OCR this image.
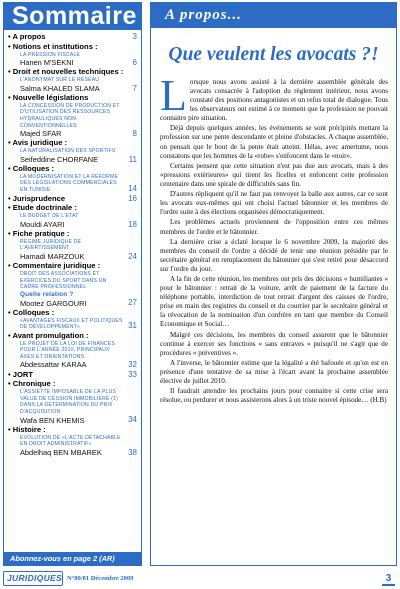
Sommaire
• A propos	3
• Notions et institutions :
LA PRESSION FISCALE
Hanen M'SEKNI	6
• Droit et nouvelles techniques :
L'ANONYMAT SUR LE RÉSEAU
Salma KHALED SLAMA	7
• Nouvelle législations
LA CONCESSION DE PRODUCTION ET D'UTILISATION DES RESSOURCES HYDRAULIQUES NON CONVENTIONNELLES
Majed SFAR	8
• Avis juridique :
LA NATURALISATION DES SPORTIFS
Seifeddine CHORFANE	11
• Colloques :
LA MODERNISATION ET LA RÉFORME DES LÉGISLATIONS COMMERCIALES EN TUNISIE	14
• Jurisprudence	16
• Etude doctrinale :
LE BUDGET DE L'ETAT
Mouldi AYARI	18
• Fiche pratique :
RÉGIME JURIDIQUE DE L'AVERTISSEMENT
Hamadi MARZOUK	24
• Commentaire juridique :
DROIT DES ASSOCIATIONS ET EXERCICES DU SPORT DANS UN CADRE PROFESSIONNEL
Quelle relation ?
Mootez GARGOURI	27
• Colloques :
«AVANTAGES FISCAUX ET POLITIQUES DE DÉVELOPPEMENT»	31
• Avant promulgation :
LE PROJET DE LA LOI DE FINANCES POUR L'ANNÉE 2010, PRINCIPAUX AXES ET ORIENTATIONS
Abdessattar KARAA	32
• JORT	33
• Chronique :
L'ASSIETTE IMPOSABLE DE LA PLUS VALUE DE CESSION IMMOBILIÈRE (1) DANS LA DÉTERMINATION DU PRIX D'ACQUISITION
Wafa BEN KHEMIS	34
• Histoire :
EVOLUTION DE «L'ACTE DÉTACHABLE EN DROIT ADMINISTRATIF»
Abdelhaq BEN MBAREK	38
Abonnez-vous en page 2 (AR)
A propos...
Que veulent les avocats ?!

Lorsque nous avons assisté à la dernière assemblée générale des avocats consacrée à l'adoption du règlement intérieur, nous avons constaté des positions antagonistes et un refus total de dialogue. Tous les observateurs ont estimé à ce moment que la profession ne pouvait connaitre pire situation.

Déjà depuis quelques années, les événements se sont précipités mettant la profession sur une pente descendante et pleine d'obstacles. A chaque assemblée, on pensait que le bout de la pente était atteint. Hélas, avec amertume, nous constatons que les hommes de la «robe» s'enfoncent dans le «noir».

Certains pensent que cette situation n'est pas due aux avocats, mais à des «pressions extérieures» qui tirent les ficelles et enfoncent cette profession centenaire dans une spirale de difficultés sans fin.

D'autres répliquent qu'il ne faut pas renvoyer la balle aux autres, car ce sont les avocats eux-mêmes qui ont choisi l'actuel bâtonnier et les membres de l'ordre suite à des élections organisées démocratiquement.

Les problèmes actuels proviennent de l'opposition entre ces mêmes membres de l'ordre et le bâtonnier.

La dernière crise a éclaté lorsque le 6 novembre 2009, la majorité des membres du conseil de l'ordre a décidé de tenir une réunion présidée par le secrétaire général en remplacement du bâtonnier qui s'est retiré pour désaccord sur l'ordre du jour.

A la fin de cette réunion, les membres ont pris des décisions « humiliantes » pour le bâtonnier : retrait de la voiture, arrêt de paiement de la facture du téléphone portable, interdiction de tout retrait d'argent des caisses de l'ordre, prise en main des registres du conseil et du courrier par le secrétaire général et la révocation de la nomination d'un confrère en tant que membre du Conseil Economique et Social…

Malgré ces décisions, les membres du conseil assurent que le bâtonnier continue à exercer ses fonctions « sans entraves » puisqu'il ne s'agit que de procédures « préventives ».

A l'inverse, le bâtonnier estime que la légalité a été bafouée et qu'on est en présence d'une tentative de sa mise à l'écart avant la prochaine assemblée élective de juillet 2010.

Il faudrait attendre les prochains jours pour connaitre si cette crise sera résolue, ou perdurer et nous assisterons alors à un triste nouvel épisode… (H.B)

JURIDIQUES N°80/81 Décembre 2009	3
